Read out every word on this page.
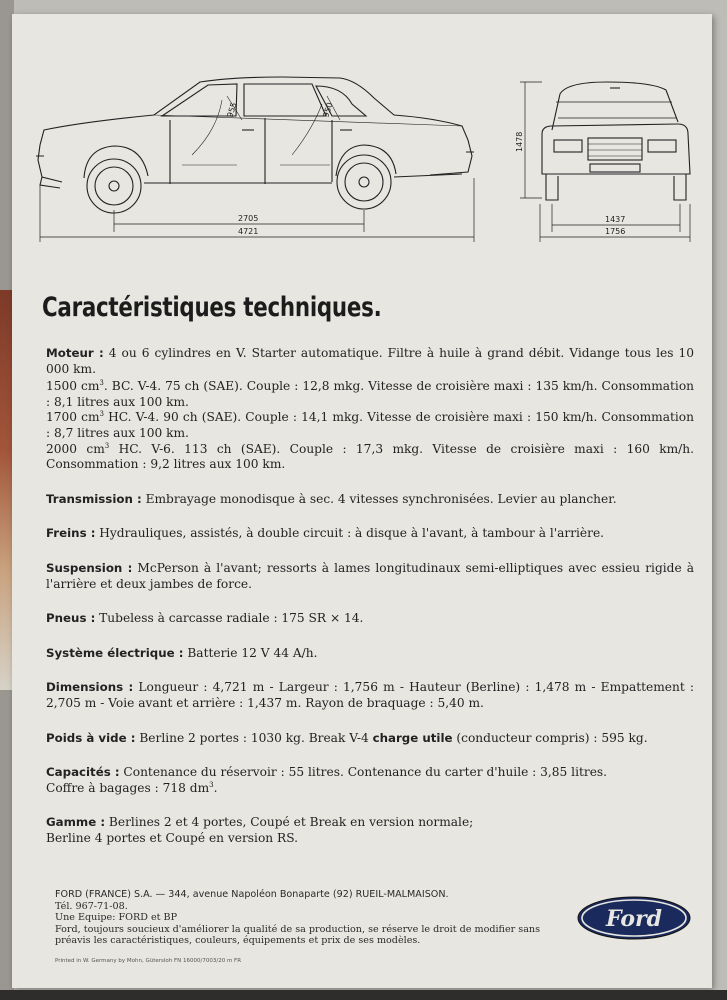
2705
4721
955	950
1478
1437
1756
Caractéristiques techniques.
Moteur : 4 ou 6 cylindres en V. Starter automatique. Filtre à huile à grand débit. Vidange tous les 10 000 km.
1500 $cm^3$. BC. V-4. 75 ch (SAE). Couple : 12,8 mkg. Vitesse de croisière maxi : 135 km/h. Consommation : 8,1 litres aux 100 km.
1700 $cm^3$ HC. V-4. 90 ch (SAE). Couple : 14,1 mkg. Vitesse de croisière maxi : 150 km/h. Consommation : 8,7 litres aux 100 km.
2000 $cm^3$ HC. V-6. 113 ch (SAE). Couple : 17,3 mkg. Vitesse de croisière maxi : 160 km/h. Consommation : 9,2 litres aux 100 km.
Transmission : Embrayage monodisque à sec. 4 vitesses synchronisées. Levier au plancher.
Freins : Hydrauliques, assistés, à double circuit : à disque à l'avant, à tambour à l'arrière.
Suspension : McPerson à l'avant; ressorts à lames longitudinaux semi-elliptiques avec essieu rigide à l'arrière et deux jambes de force.
Pneus : Tubeless à carcasse radiale : 175 SR × 14.
Système électrique : Batterie 12 V 44 A/h.
Dimensions : Longueur : 4,721 m - Largeur : 1,756 m - Hauteur (Berline) : 1,478 m - Empattement : 2,705 m - Voie avant et arrière : 1,437 m. Rayon de braquage : 5,40 m.
Poids à vide : Berline 2 portes : 1030 kg. Break V-4 charge utile (conducteur compris) : 595 kg.
Capacités : Contenance du réservoir : 55 litres. Contenance du carter d'huile : 3,85 litres.
Coffre à bagages : 718 $dm^3$.
Gamme : Berlines 2 et 4 portes, Coupé et Break en version normale;
Berline 4 portes et Coupé en version RS.
FORD (FRANCE) S.A. — 344, avenue Napoléon Bonaparte (92) RUEIL-MALMAISON.
Tél. 967-71-08.
Une Equipe: FORD et BP
Ford, toujours soucieux d'améliorer la qualité de sa production, se réserve le droit de modifier sans préavis les caractéristiques, couleurs, équipements et prix de ses modèles.
Printed in W. Germany by Mohn, Gütersloh FN 16000/7003/20 m FR
Ford
